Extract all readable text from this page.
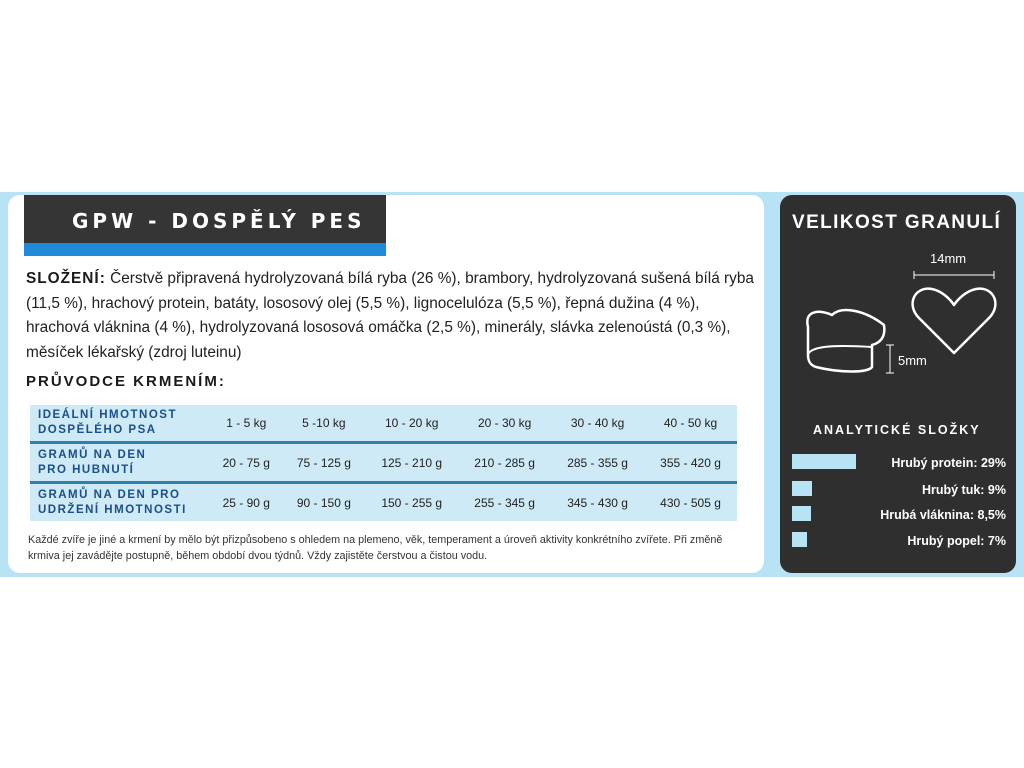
GPW - DOSPĚLÝ PES
SLOŽENÍ: Čerstvě připravená hydrolyzovaná bílá ryba (26 %), brambory, hydrolyzovaná sušená bílá ryba (11,5 %), hrachový protein, batáty, lososový olej (5,5 %), lignocelulóza (5,5 %), řepná dužina (4 %), hrachová vláknina (4 %), hydrolyzovaná lososová omáčka (2,5 %), minerály, slávka zelenoústá (0,3 %), měsíček lékařský (zdroj luteinu)
PRŮVODCE KRMENÍM:
IDEÁLNÍ HMOTNOST
DOSPĚLÉHO PSA	1 - 5 kg	5 -10 kg	10 - 20 kg	20 - 30 kg	30 - 40 kg	40 - 50 kg
GRAMŮ NA DEN
PRO HUBNUTÍ	20 - 75 g	75 - 125 g	125 - 210 g	210 - 285 g	285 - 355 g	355 - 420 g
GRAMŮ NA DEN PRO
UDRŽENÍ HMOTNOSTI	25 - 90 g	90 - 150 g	150 - 255 g	255 - 345 g	345 - 430 g	430 - 505 g
Každé zvíře je jiné a krmení by mělo být přizpůsobeno s ohledem na plemeno, věk, temperament a úroveň aktivity konkrétního zvířete. Při změně krmiva jej zavádějte postupně, během období dvou týdnů. Vždy zajistěte čerstvou a čistou vodu.
VELIKOST GRANULÍ
14mm
5mm
ANALYTICKÉ SLOŽKY
Hrubý protein: 29%
Hrubý tuk: 9%
Hrubá vláknina: 8,5%
Hrubý popel: 7%
